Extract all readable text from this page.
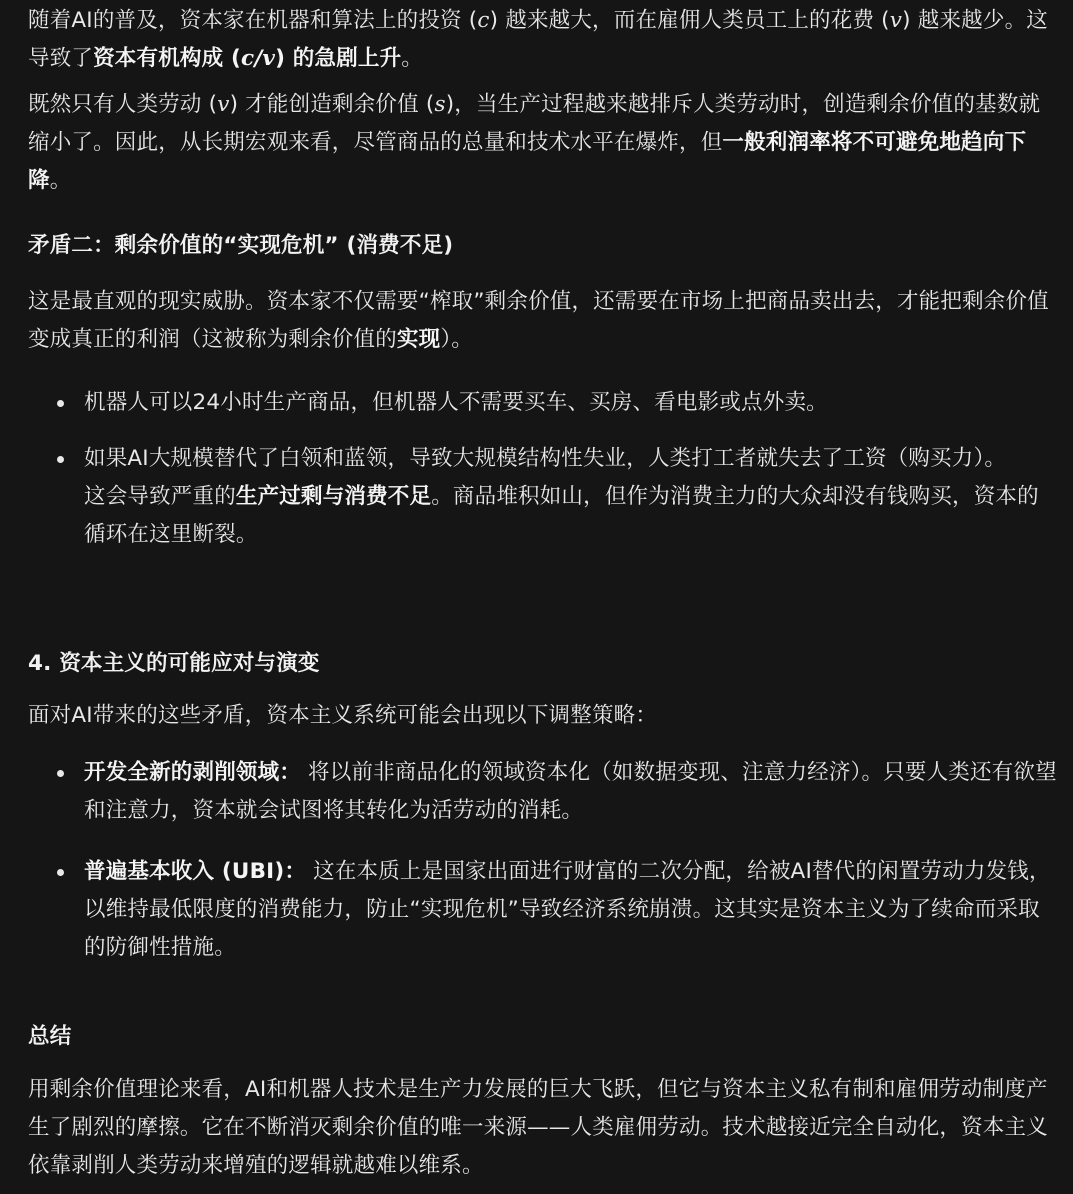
随着AI的普及，资本家在机器和算法上的投资 (c) 越来越大，而在雇佣人类员工上的花费 (v) 越来越少。这导致了资本有机构成 (c/v) 的急剧上升。

既然只有人类劳动 (v) 才能创造剩余价值 (s)，当生产过程越来越排斥人类劳动时，创造剩余价值的基数就缩小了。因此，从长期宏观来看，尽管商品的总量和技术水平在爆炸，但一般利润率将不可避免地趋向下降。

矛盾二：剩余价值的“实现危机” (消费不足)

这是最直观的现实威胁。资本家不仅需要“榨取”剩余价值，还需要在市场上把商品卖出去，才能把剩余价值变成真正的利润（这被称为剩余价值的实现）。

机器人可以24小时生产商品，但机器人不需要买车、买房、看电影或点外卖。

如果AI大规模替代了白领和蓝领，导致大规模结构性失业，人类打工者就失去了工资（购买力）。
这会导致严重的生产过剩与消费不足。商品堆积如山，但作为消费主力的大众却没有钱购买，资本的循环在这里断裂。

4. 资本主义的可能应对与演变

面对AI带来的这些矛盾，资本主义系统可能会出现以下调整策略：

开发全新的剥削领域： 将以前非商品化的领域资本化（如数据变现、注意力经济）。只要人类还有欲望和注意力，资本就会试图将其转化为活劳动的消耗。

普遍基本收入 (UBI)： 这在本质上是国家出面进行财富的二次分配，给被AI替代的闲置劳动力发钱，以维持最低限度的消费能力，防止“实现危机”导致经济系统崩溃。这其实是资本主义为了续命而采取的防御性措施。

总结

用剩余价值理论来看，AI和机器人技术是生产力发展的巨大飞跃，但它与资本主义私有制和雇佣劳动制度产生了剧烈的摩擦。它在不断消灭剩余价值的唯一来源——人类雇佣劳动。技术越接近完全自动化，资本主义依靠剥削人类劳动来增殖的逻辑就越难以维系。
